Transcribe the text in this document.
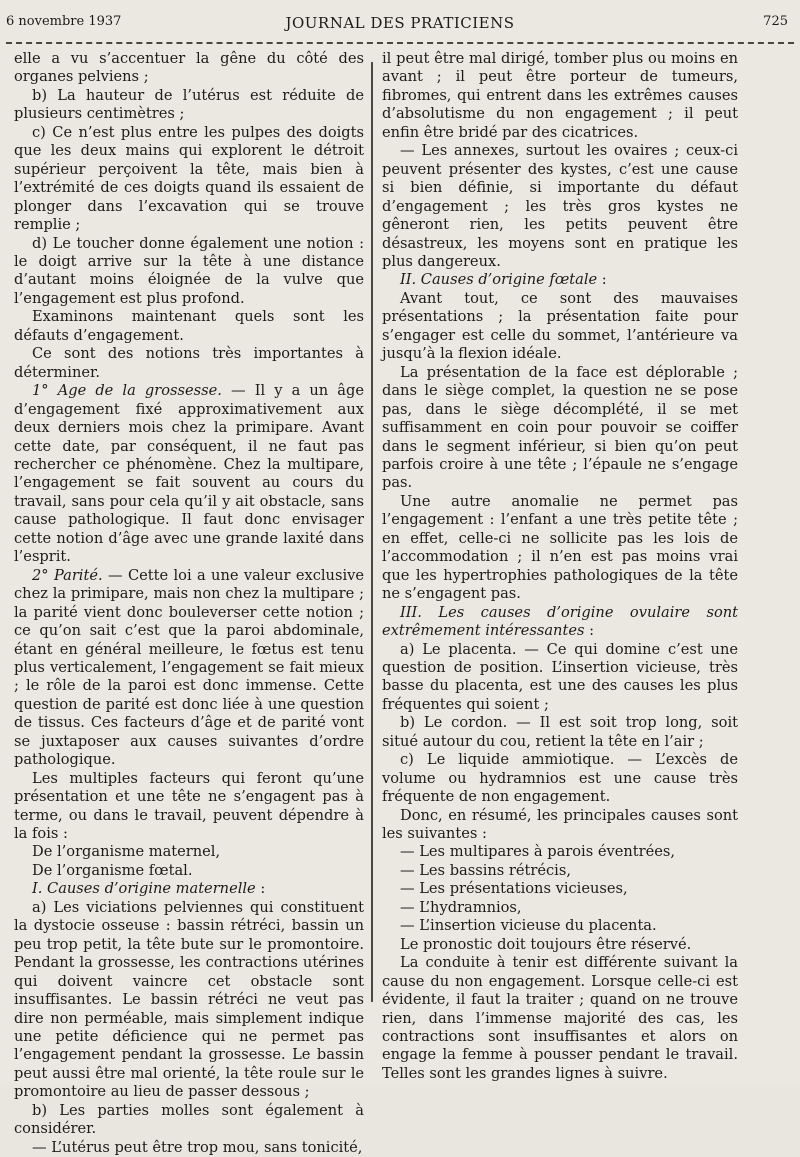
6 novembre 1937	JOURNAL DES PRATICIENS	725

elle a vu s’accentuer la gêne du côté des organes pelviens ;

b) La hauteur de l’utérus est réduite de plusieurs centimètres ;

c) Ce n’est plus entre les pulpes des doigts que les deux mains qui explorent le détroit supérieur perçoivent la tête, mais bien à l’extrémité de ces doigts quand ils essaient de plonger dans l’excavation qui se trouve remplie ;

d) Le toucher donne également une notion : le doigt arrive sur la tête à une distance d’autant moins éloignée de la vulve que l’engagement est plus profond.

Examinons maintenant quels sont les défauts d’engagement.

Ce sont des notions très importantes à déterminer.

1° Age de la grossesse. — Il y a un âge d’engagement fixé approximativement aux deux derniers mois chez la primipare. Avant cette date, par conséquent, il ne faut pas rechercher ce phénomène. Chez la multipare, l’engagement se fait souvent au cours du travail, sans pour cela qu’il y ait obstacle, sans cause pathologique. Il faut donc envisager cette notion d’âge avec une grande laxité dans l’esprit.

2° Parité. — Cette loi a une valeur exclusive chez la primipare, mais non chez la multipare ; la parité vient donc bouleverser cette notion ; ce qu’on sait c’est que la paroi abdominale, étant en général meilleure, le fœtus est tenu plus verticalement, l’engagement se fait mieux ; le rôle de la paroi est donc immense. Cette question de parité est donc liée à une question de tissus. Ces facteurs d’âge et de parité vont se juxtaposer aux causes suivantes d’ordre pathologique.

Les multiples facteurs qui feront qu’une présentation et une tête ne s’engagent pas à terme, ou dans le travail, peuvent dépendre à la fois :

De l’organisme maternel,

De l’organisme fœtal.

I. Causes d’origine maternelle :

a) Les viciations pelviennes qui constituent la dystocie osseuse : bassin rétréci, bassin un peu trop petit, la tête bute sur le promontoire. Pendant la grossesse, les contractions utérines qui doivent vaincre cet obstacle sont insuffisantes. Le bassin rétréci ne veut pas dire non perméable, mais simplement indique une petite déficience qui ne permet pas l’engagement pendant la grossesse. Le bassin peut aussi être mal orienté, la tête roule sur le promontoire au lieu de passer dessous ;

b) Les parties molles sont également à considérer.

— L’utérus peut être trop mou, sans tonicité,

il peut être mal dirigé, tomber plus ou moins en avant ; il peut être porteur de tumeurs, fibromes, qui entrent dans les extrêmes causes d’absolutisme du non engagement ; il peut enfin être bridé par des cicatrices.

— Les annexes, surtout les ovaires ; ceux-ci peuvent présenter des kystes, c’est une cause si bien définie, si importante du défaut d’engagement ; les très gros kystes ne gêneront rien, les petits peuvent être désastreux, les moyens sont en pratique les plus dangereux.

II. Causes d’origine fœtale :

Avant tout, ce sont des mauvaises présentations ; la présentation faite pour s’engager est celle du sommet, l’antérieure va jusqu’à la flexion idéale.

La présentation de la face est déplorable ; dans le siège complet, la question ne se pose pas, dans le siège décomplété, il se met suffisamment en coin pour pouvoir se coiffer dans le segment inférieur, si bien qu’on peut parfois croire à une tête ; l’épaule ne s’engage pas.

Une autre anomalie ne permet pas l’engagement : l’enfant a une très petite tête ; en effet, celle-ci ne sollicite pas les lois de l’accommodation ; il n’en est pas moins vrai que les hypertrophies pathologiques de la tête ne s’engagent pas.

III. Les causes d’origine ovulaire sont extrêmement intéressantes :

a) Le placenta. — Ce qui domine c’est une question de position. L’insertion vicieuse, très basse du placenta, est une des causes les plus fréquentes qui soient ;

b) Le cordon. — Il est soit trop long, soit situé autour du cou, retient la tête en l’air ;

c) Le liquide ammiotique. — L’excès de volume ou hydramnios est une cause très fréquente de non engagement.

Donc, en résumé, les principales causes sont les suivantes :

— Les multipares à parois éventrées,

— Les bassins rétrécis,

— Les présentations vicieuses,

— L’hydramnios,

— L’insertion vicieuse du placenta.

Le pronostic doit toujours être réservé.

La conduite à tenir est différente suivant la cause du non engagement. Lorsque celle-ci est évidente, il faut la traiter ; quand on ne trouve rien, dans l’immense majorité des cas, les contractions sont insuffisantes et alors on engage la femme à pousser pendant le travail. Telles sont les grandes lignes à suivre.
